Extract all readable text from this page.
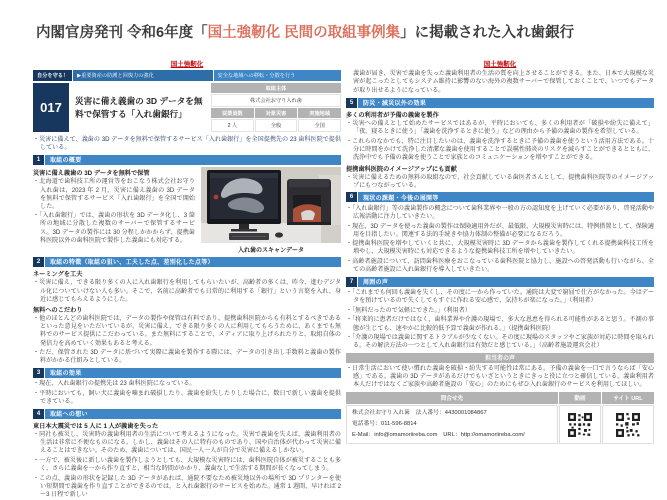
内閣官房発刊 令和6年度「国土強靭化 民間の取組事例集」に掲載された入れ歯銀行
国土強靭化
自分を守る！	▶重要資産の防護と回復力の強化	安全な地域への移転・分散を行う
017	災害に備え義歯の 3D データを無料で保管する「入れ歯銀行」
取組主体
株式会社お守り入れ歯
従業員数	対象災害	実施地域
2 人	全般	全国
・災害に備えて、義歯の 3D データを無料で保管するサービス「入れ歯銀行」を全国提携先の 23 歯科医院で提供している。
1	取組の概要
災害に備え義歯の 3D データを無料で保管
・北海道で歯科技工所の運営等をおこなう株式会社お守り入れ歯は、2023 年 2 月、災害に備え義歯の 3D データを無料で保管するサービス「入れ歯銀行」を全国で開始した。
・「入れ歯銀行」では、義歯の形状を 3D データ化し、3 箇所の地域に分散した複数のサーバーで保管するサービス。3D データの製作には 30 分程しかかからず、提携歯科医院以外の歯科医院で製作した義歯にも対応する。
入れ歯のスキャンデータ
2	取組の特徴（取組の狙い、工夫した点、差別化した点等）
ネーミングを工夫
・災害に備え、できる限り多くの人に入れ歯銀行を利用してもらいたいが、高齢者の多くは、昨今、進むデジタル化についていけない人も多い。そこで、名前に高齢者でも日常的に利用する「銀行」という言葉を入れ、身近に感じてもらえるようにした。
無料へのこだわり
・他のほとんどの歯科医院では、データの製作や保管は有料であり、提携歯科医院からも有料とするべきであるといった意見をいただいているが、災害に備え、できる限り多くの人に利用してもらうために、あくまでも無料でのサービス提供にこだわっている。また無料にすることで、メディアに取り上げられたりと、取組自体の発信力を高めていく効果もあると考える。
・ただ、保管された 3D データに基づいて実際に義歯を製作する際には、データの引き出し手数料と義歯の製作料がかかる仕組みとしている。
3	取組の効果
・現在、入れ歯銀行の提携先は 23 歯科医院になっている。
・平時においても、飼い犬に義歯を噛まれ破損したり、義歯を紛失したりした場合に、数日で新しい義歯を提供できている。
4	取組への想い
東日本大震災では 5 人に 1 人が義歯を失った
・同社も被災し、災害時の義歯利用者の生活について考えるようになった。災害で義歯を失えば、義歯利用者の生活は非常に不便なものになる。しかし、義歯はその人に特有のものであり、国や自治体が代わって災害に備えることはできない。そのため、義歯については、国民一人一人が自分で災害に備えるしかない。
・一方で、被災後に新しい義歯を製作しようとしても、大規模な災害時には、歯科医院自体が被災することも多く、さらに義歯を一から作り直すと、相当な時間がかかり、義歯なしで生活する期間が長くなってしまう。
・この点、義歯の形状を記録した 3D データがあれば、通院不要なため被災地以外の場所で 3D プリンターを使い短期間で義歯を作り直すことができるのでは、と入れ歯銀行のサービスを始めた。通常 1 週間、早ければ 2～3 日程で新しい
国土強靭化
義歯が届き、災害で義歯を失った義歯利用者の生活の質を向上させることができる。また、日本で大規模な災害が起こったとしてもシステム維持に影響のない海外の複数サーバーで保管しておくことで、いつでもデータが取り出せるようになっている。
5	防災・減災以外の効果
多くの利用者が予備の義歯を製作
・災害への備えとして始めたサービスではあるが、平時においても、多くの利用者が「破損や紛失に備えて」「夜、寝るときに使う」「義歯を洗浄するときに使う」などの理由から予備の義歯の製作を希望している。
・これらのなかでも、特に注目したいのは、義歯を洗浄するときに予備の義歯を使うという活用方法である。十分に時間をかけて洗浄した清潔な義歯を使用することで誤嚥性肺炎のリスクを減らすことができるとともに、洗浄中でも予備の義歯を使うことで家族とのコミュニケーションを増やすことができる。
提携歯科医院のイメージアップにも貢献
・災害に備えるための無料の取組なので、社会貢献している歯医者さんとして、提携歯科医院等のイメージアップにもつながっている。
6	現状の課題・今後の展開等
・「入れ歯銀行」等の義歯製作の概念について歯科業界や一般の方の認知度を上げていく必要があり、啓発活動や広報活動に注力していきたい。
・現在、3D データを使った義歯の製作は保険適用外だが、最低限、大規模災害時には、特例措置として、保険適用を目指したい。関連する法的手続きや協力体制の整備が必要になるだろう。
・提携歯科医院を増やしていくと共に、大規模災害時に 3D データから義歯を製作してくれる提携歯科技工所を増やし、大規模災害時にも対応できるような提携歯科技工所を増やしていきたい。
・高齢者施設について、訪問歯科医療をおこなっている歯科医院と協力し、施設への啓発活動も行いながら、全ての高齢者施設に入れ歯銀行を導入していきたい。
7	周囲の声
・「これまでも何回も義歯を失くし、その度に一から作っていた。通院は大変で窮屈で仕方がなかった。今はデータを預けているので失くしてもすぐに作れる安心感で、気持ちが楽になった。」（利用者）
・「無料だったので気軽にできた。」（利用者）
・「将来的に患者だけではなく、歯科業界や介護の現場で、多大な恩恵を得られる可能性があると思う。不測の事態が生じても、速やかに比較的低予算で義歯が作れる。」（提携歯科医院）
・「介護の現場では義歯に関するトラブルが少なくない。その度に現場のスタッフやご家族が対応に時間を取られる。その解決方法の一つとして入れ歯銀行は有効だと感じている。」（高齢者施設運営会社）
担当者の声
・日常生活において使い慣れた義歯を破損・紛失する可能性は常にある。予備の義歯を一口で言うならば「安心感」である。義歯の 3D データがあるだけでもいざというときにきっと役に立つと確信している。義歯利用者本人だけではなくご家族や高齢者施設の「安心」のためにもぜひ入れ歯銀行のサービスを利用してほしい。
問合せ先	動画	サイト URL
株式会社お守り入れ歯　法人番号：4430001084867
電話番号：011-596-8814
E-Mail：info@omamoriireba.com　URL：http://omamoriireba.com/
